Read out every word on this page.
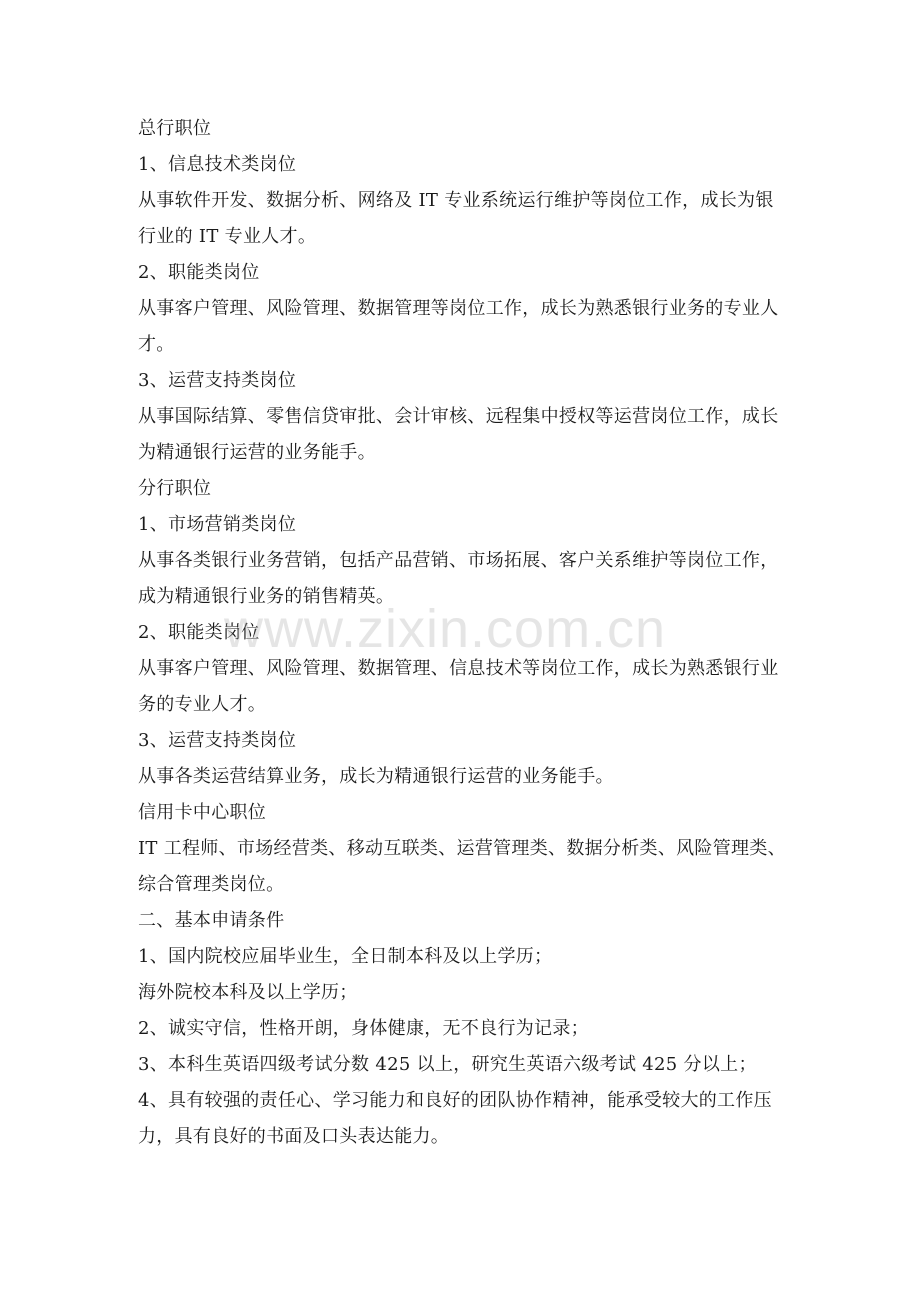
总行职位
1、信息技术类岗位
从事软件开发、数据分析、网络及 IT 专业系统运行维护等岗位工作，成长为银
行业的 IT 专业人才。
2、职能类岗位
从事客户管理、风险管理、数据管理等岗位工作，成长为熟悉银行业务的专业人
才。
3、运营支持类岗位
从事国际结算、零售信贷审批、会计审核、远程集中授权等运营岗位工作，成长
为精通银行运营的业务能手。
分行职位
1、市场营销类岗位
从事各类银行业务营销，包括产品营销、市场拓展、客户关系维护等岗位工作，
成为精通银行业务的销售精英。
2、职能类岗位
从事客户管理、风险管理、数据管理、信息技术等岗位工作，成长为熟悉银行业
务的专业人才。
3、运营支持类岗位
从事各类运营结算业务，成长为精通银行运营的业务能手。
信用卡中心职位
IT 工程师、市场经营类、移动互联类、运营管理类、数据分析类、风险管理类、
综合管理类岗位。
二、基本申请条件
1、国内院校应届毕业生，全日制本科及以上学历；
海外院校本科及以上学历；
2、诚实守信，性格开朗，身体健康，无不良行为记录；
3、本科生英语四级考试分数 425 以上，研究生英语六级考试 425 分以上；
4、具有较强的责任心、学习能力和良好的团队协作精神，能承受较大的工作压
力，具有良好的书面及口头表达能力。
www.zixin.com.cn
